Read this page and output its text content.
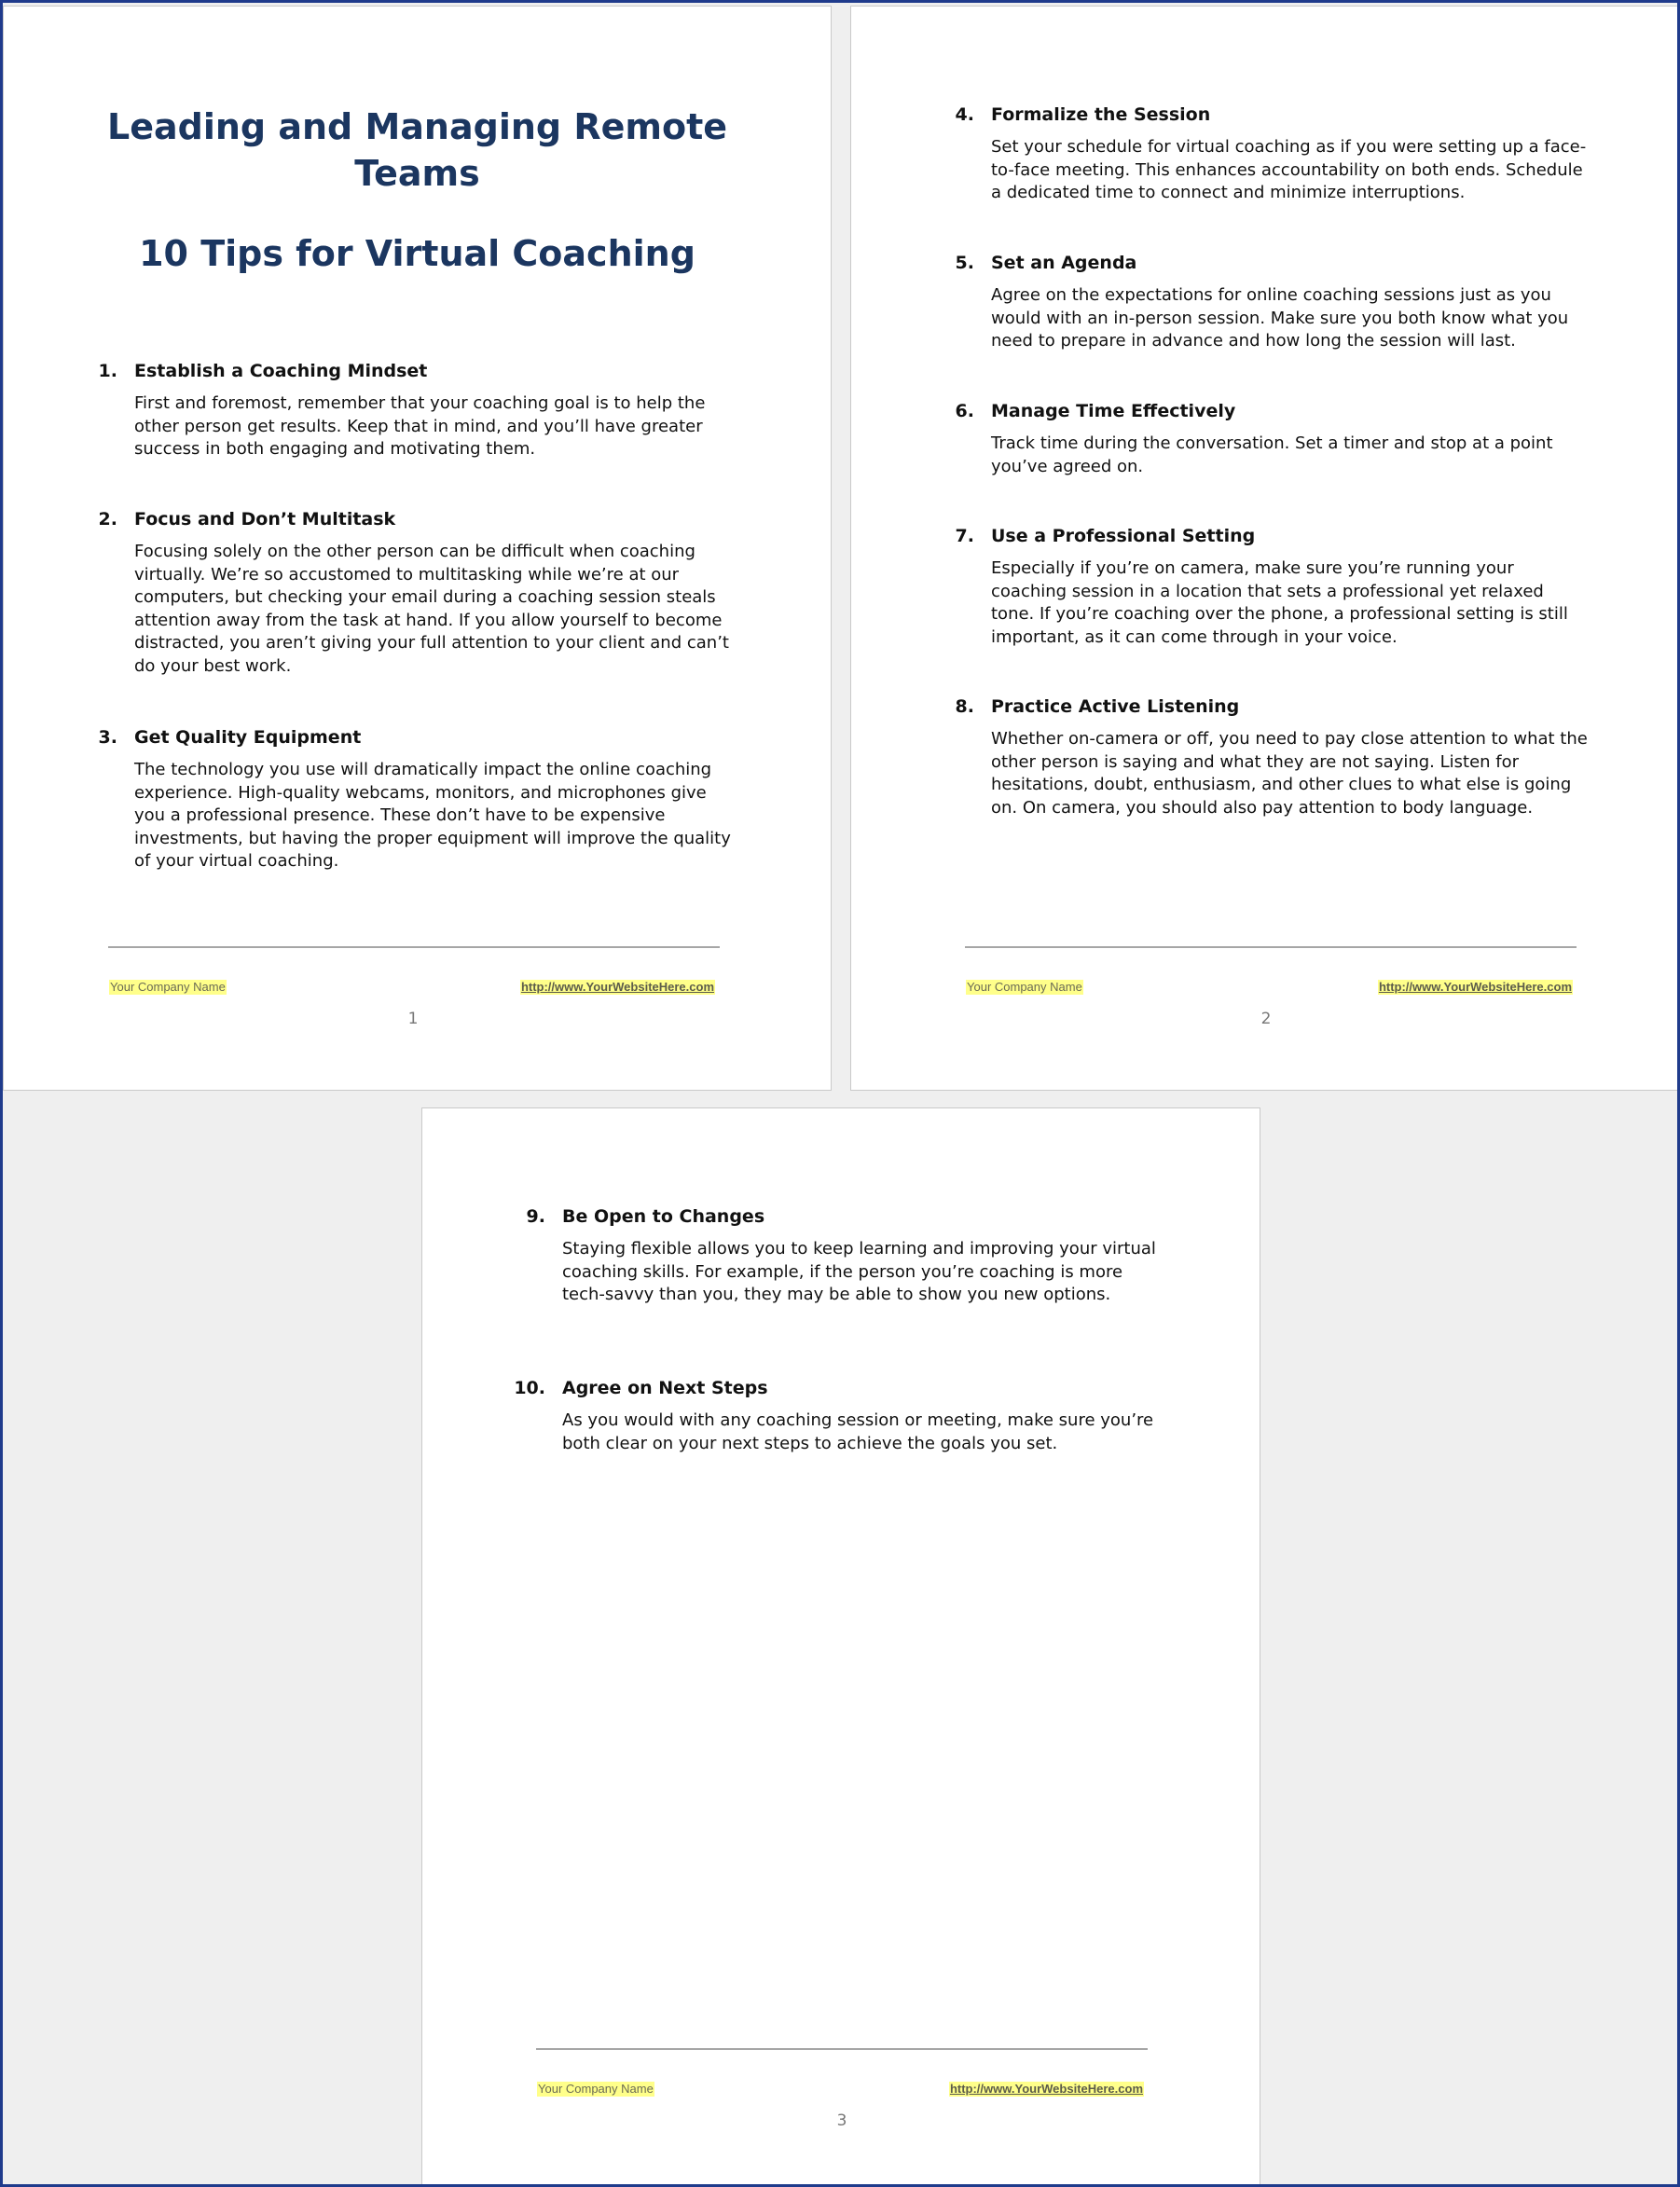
Leading and Managing Remote Teams
10 Tips for Virtual Coaching
1. Establish a Coaching Mindset

First and foremost, remember that your coaching goal is to help the other person get results. Keep that in mind, and you’ll have greater success in both engaging and motivating them.

2. Focus and Don’t Multitask

Focusing solely on the other person can be difficult when coaching virtually. We’re so accustomed to multitasking while we’re at our computers, but checking your email during a coaching session steals attention away from the task at hand. If you allow yourself to become distracted, you aren’t giving your full attention to your client and can’t do your best work.

3. Get Quality Equipment

The technology you use will dramatically impact the online coaching experience. High-quality webcams, monitors, and microphones give you a professional presence. These don’t have to be expensive investments, but having the proper equipment will improve the quality of your virtual coaching.

Your Company Name	http://www.YourWebsiteHere.com
1
4. Formalize the Session

Set your schedule for virtual coaching as if you were setting up a face-to-face meeting. This enhances accountability on both ends. Schedule a dedicated time to connect and minimize interruptions.

5. Set an Agenda

Agree on the expectations for online coaching sessions just as you would with an in-person session. Make sure you both know what you need to prepare in advance and how long the session will last.

6. Manage Time Effectively

Track time during the conversation. Set a timer and stop at a point you’ve agreed on.

7. Use a Professional Setting

Especially if you’re on camera, make sure you’re running your coaching session in a location that sets a professional yet relaxed tone. If you’re coaching over the phone, a professional setting is still important, as it can come through in your voice.

8. Practice Active Listening

Whether on-camera or off, you need to pay close attention to what the other person is saying and what they are not saying. Listen for hesitations, doubt, enthusiasm, and other clues to what else is going on. On camera, you should also pay attention to body language.

Your Company Name	http://www.YourWebsiteHere.com
2
9. Be Open to Changes

Staying flexible allows you to keep learning and improving your virtual coaching skills. For example, if the person you’re coaching is more tech-savvy than you, they may be able to show you new options.

10. Agree on Next Steps

As you would with any coaching session or meeting, make sure you’re both clear on your next steps to achieve the goals you set.

Your Company Name	http://www.YourWebsiteHere.com
3
